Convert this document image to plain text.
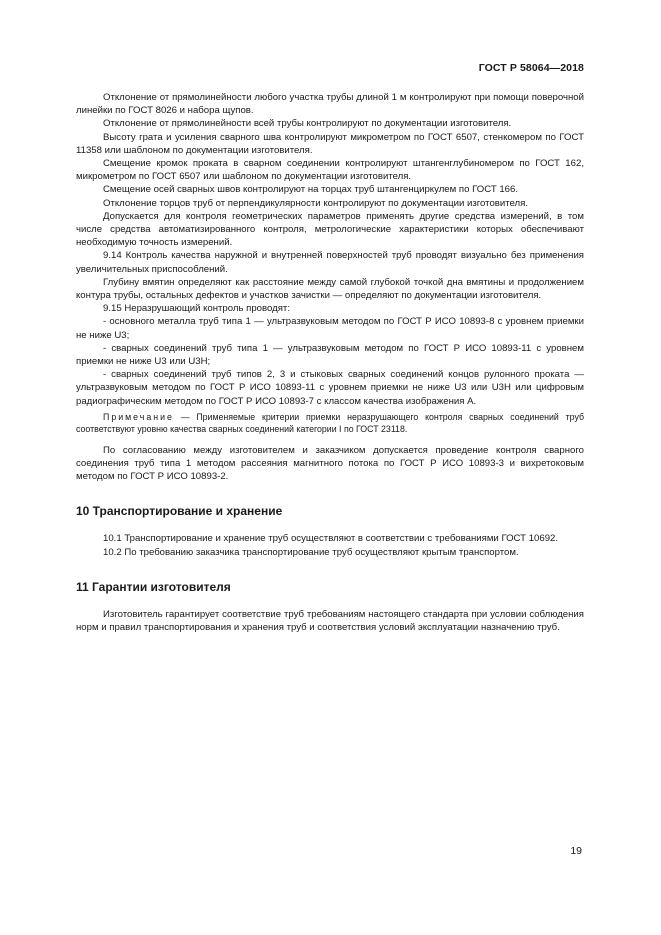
ГОСТ Р 58064—2018

Отклонение от прямолинейности любого участка трубы длиной 1 м контролируют при помощи поверочной линейки по ГОСТ 8026 и набора щупов.

Отклонение от прямолинейности всей трубы контролируют по документации изготовителя.

Высоту грата и усиления сварного шва контролируют микрометром по ГОСТ 6507, стенкомером по ГОСТ 11358 или шаблоном по документации изготовителя.

Смещение кромок проката в сварном соединении контролируют штангенглубиномером по ГОСТ 162, микрометром по ГОСТ 6507 или шаблоном по документации изготовителя.

Смещение осей сварных швов контролируют на торцах труб штангенциркулем по ГОСТ 166.

Отклонение торцов труб от перпендикулярности контролируют по документации изготовителя.

Допускается для контроля геометрических параметров применять другие средства измерений, в том числе средства автоматизированного контроля, метрологические характеристики которых обеспечивают необходимую точность измерений.

9.14 Контроль качества наружной и внутренней поверхностей труб проводят визуально без применения увеличительных приспособлений.

Глубину вмятин определяют как расстояние между самой глубокой точкой дна вмятины и продолжением контура трубы, остальных дефектов и участков зачистки — определяют по документации изготовителя.

9.15 Неразрушающий контроль проводят:

- основного металла труб типа 1 — ультразвуковым методом по ГОСТ Р ИСО 10893-8 с уровнем приемки не ниже U3;

- сварных соединений труб типа 1 — ультразвуковым методом по ГОСТ Р ИСО 10893-11 с уровнем приемки не ниже U3 или U3H;

- сварных соединений труб типов 2, 3 и стыковых сварных соединений концов рулонного проката — ультразвуковым методом по ГОСТ Р ИСО 10893-11 с уровнем приемки не ниже U3 или U3H или цифровым радиографическим методом по ГОСТ Р ИСО 10893-7 с классом качества изображения А.

Примечание — Применяемые критерии приемки неразрушающего контроля сварных соединений труб соответствуют уровню качества сварных соединений категории I по ГОСТ 23118.

По согласованию между изготовителем и заказчиком допускается проведение контроля сварного соединения труб типа 1 методом рассеяния магнитного потока по ГОСТ Р ИСО 10893-3 и вихретоковым методом по ГОСТ Р ИСО 10893-2.

10 Транспортирование и хранение

10.1 Транспортирование и хранение труб осуществляют в соответствии с требованиями ГОСТ 10692.

10.2 По требованию заказчика транспортирование труб осуществляют крытым транспортом.

11 Гарантии изготовителя

Изготовитель гарантирует соответствие труб требованиям настоящего стандарта при условии соблюдения норм и правил транспортирования и хранения труб и соответствия условий эксплуатации назначению труб.

19
